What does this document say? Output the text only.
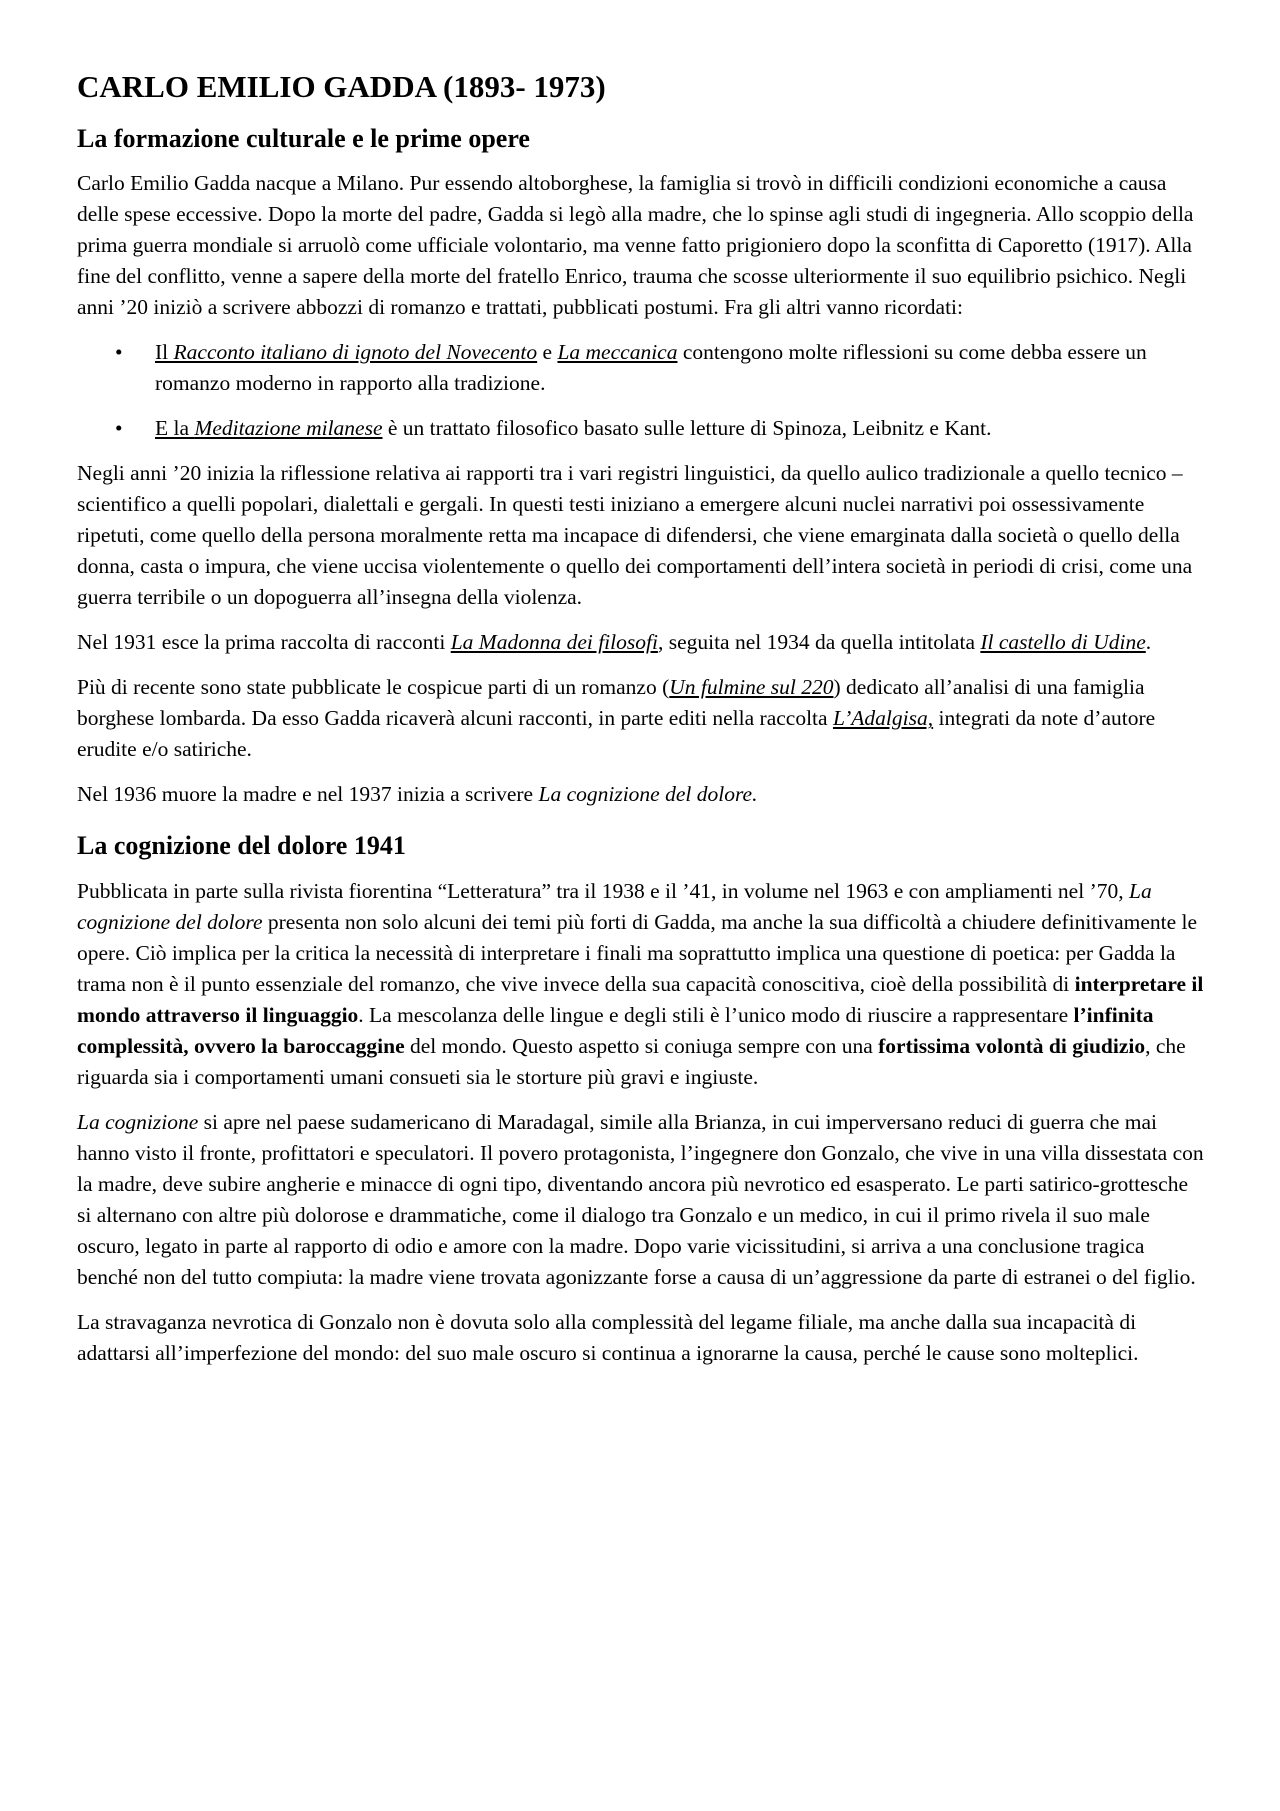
CARLO EMILIO GADDA (1893- 1973)
La formazione culturale e le prime opere

Carlo Emilio Gadda nacque a Milano. Pur essendo altoborghese, la famiglia si trovò in difficili condizioni economiche a causa delle spese eccessive. Dopo la morte del padre, Gadda si legò alla madre, che lo spinse agli studi di ingegneria. Allo scoppio della prima guerra mondiale si arruolò come ufficiale volontario, ma venne fatto prigioniero dopo la sconfitta di Caporetto (1917). Alla fine del conflitto, venne a sapere della morte del fratello Enrico, trauma che scosse ulteriormente il suo equilibrio psichico. Negli anni ’20 iniziò a scrivere abbozzi di romanzo e trattati, pubblicati postumi. Fra gli altri vanno ricordati:

• Il Racconto italiano di ignoto del Novecento e La meccanica contengono molte riflessioni su come debba essere un romanzo moderno in rapporto alla tradizione.
• E la Meditazione milanese è un trattato filosofico basato sulle letture di Spinoza, Leibnitz e Kant.

Negli anni ’20 inizia la riflessione relativa ai rapporti tra i vari registri linguistici, da quello aulico tradizionale a quello tecnico – scientifico a quelli popolari, dialettali e gergali. In questi testi iniziano a emergere alcuni nuclei narrativi poi ossessivamente ripetuti, come quello della persona moralmente retta ma incapace di difendersi, che viene emarginata dalla società o quello della donna, casta o impura, che viene uccisa violentemente o quello dei comportamenti dell’intera società in periodi di crisi, come una guerra terribile o un dopoguerra all’insegna della violenza.

Nel 1931 esce la prima raccolta di racconti La Madonna dei filosofi, seguita nel 1934 da quella intitolata Il castello di Udine.

Più di recente sono state pubblicate le cospicue parti di un romanzo (Un fulmine sul 220) dedicato all’analisi di una famiglia borghese lombarda. Da esso Gadda ricaverà alcuni racconti, in parte editi nella raccolta L’Adalgisa, integrati da note d’autore erudite e/o satiriche.

Nel 1936 muore la madre e nel 1937 inizia a scrivere La cognizione del dolore.

La cognizione del dolore 1941

Pubblicata in parte sulla rivista fiorentina “Letteratura” tra il 1938 e il ’41, in volume nel 1963 e con ampliamenti nel ’70, La cognizione del dolore presenta non solo alcuni dei temi più forti di Gadda, ma anche la sua difficoltà a chiudere definitivamente le opere. Ciò implica per la critica la necessità di interpretare i finali ma soprattutto implica una questione di poetica: per Gadda la trama non è il punto essenziale del romanzo, che vive invece della sua capacità conoscitiva, cioè della possibilità di interpretare il mondo attraverso il linguaggio. La mescolanza delle lingue e degli stili è l’unico modo di riuscire a rappresentare l’infinita complessità, ovvero la baroccaggine del mondo. Questo aspetto si coniuga sempre con una fortissima volontà di giudizio, che riguarda sia i comportamenti umani consueti sia le storture più gravi e ingiuste.

La cognizione si apre nel paese sudamericano di Maradagal, simile alla Brianza, in cui imperversano reduci di guerra che mai hanno visto il fronte, profittatori e speculatori. Il povero protagonista, l’ingegnere don Gonzalo, che vive in una villa dissestata con la madre, deve subire angherie e minacce di ogni tipo, diventando ancora più nevrotico ed esasperato. Le parti satirico-grottesche si alternano con altre più dolorose e drammatiche, come il dialogo tra Gonzalo e un medico, in cui il primo rivela il suo male oscuro, legato in parte al rapporto di odio e amore con la madre. Dopo varie vicissitudini, si arriva a una conclusione tragica benché non del tutto compiuta: la madre viene trovata agonizzante forse a causa di un’aggressione da parte di estranei o del figlio.

La stravaganza nevrotica di Gonzalo non è dovuta solo alla complessità del legame filiale, ma anche dalla sua incapacità di adattarsi all’imperfezione del mondo: del suo male oscuro si continua a ignorarne la causa, perché le cause sono molteplici.
